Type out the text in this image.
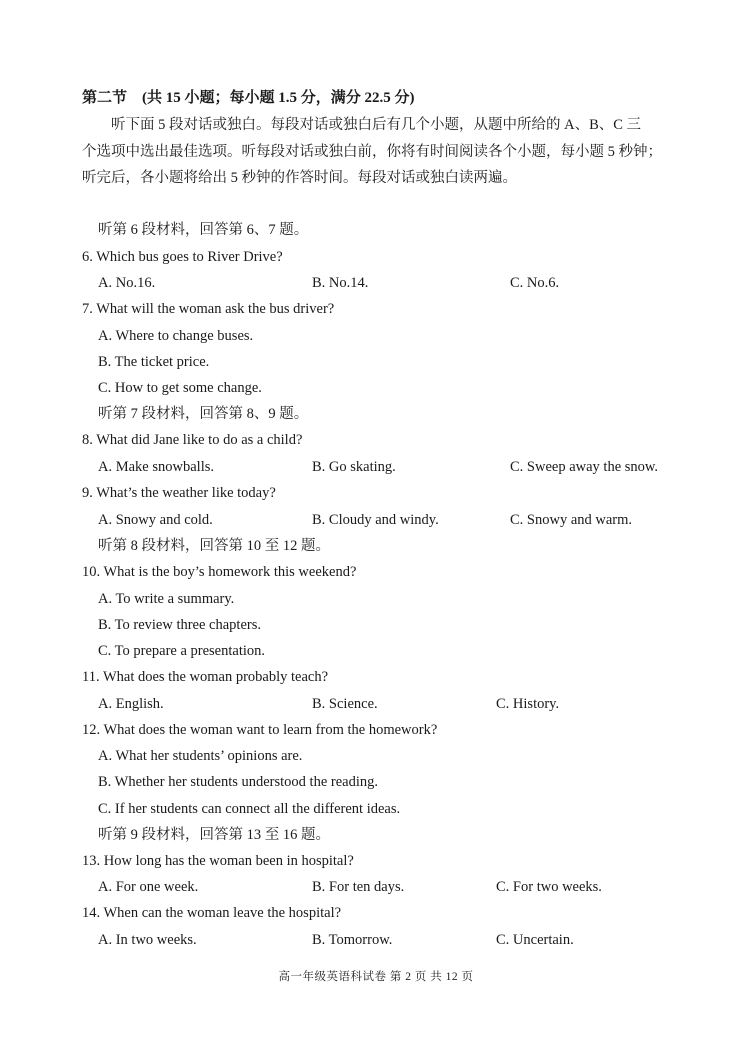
第二节　(共 15 小题；每小题 1.5 分，满分 22.5 分)
　　听下面 5 段对话或独白。每段对话或独白后有几个小题，从题中所给的 A、B、C 三
个选项中选出最佳选项。听每段对话或独白前，你将有时间阅读各个小题，每小题 5 秒钟；
听完后，各小题将给出 5 秒钟的作答时间。每段对话或独白读两遍。
听第 6 段材料，回答第 6、7 题。
6. Which bus goes to River Drive?
A. No.16.	B. No.14.	C. No.6.
7. What will the woman ask the bus driver?
A. Where to change buses.
B. The ticket price.
C. How to get some change.
听第 7 段材料，回答第 8、9 题。
8. What did Jane like to do as a child?
A. Make snowballs.	B. Go skating.	C. Sweep away the snow.
9. What’s the weather like today?
A. Snowy and cold.	B. Cloudy and windy.	C. Snowy and warm.
听第 8 段材料，回答第 10 至 12 题。
10. What is the boy’s homework this weekend?
A. To write a summary.
B. To review three chapters.
C. To prepare a presentation.
11. What does the woman probably teach?
A. English.	B. Science.	C. History.
12. What does the woman want to learn from the homework?
A. What her students’ opinions are.
B. Whether her students understood the reading.
C. If her students can connect all the different ideas.
听第 9 段材料，回答第 13 至 16 题。
13. How long has the woman been in hospital?
A. For one week.	B. For ten days.	C. For two weeks.
14. When can the woman leave the hospital?
A. In two weeks.	B. Tomorrow.	C. Uncertain.
高一年级英语科试卷 第 2 页 共 12 页
